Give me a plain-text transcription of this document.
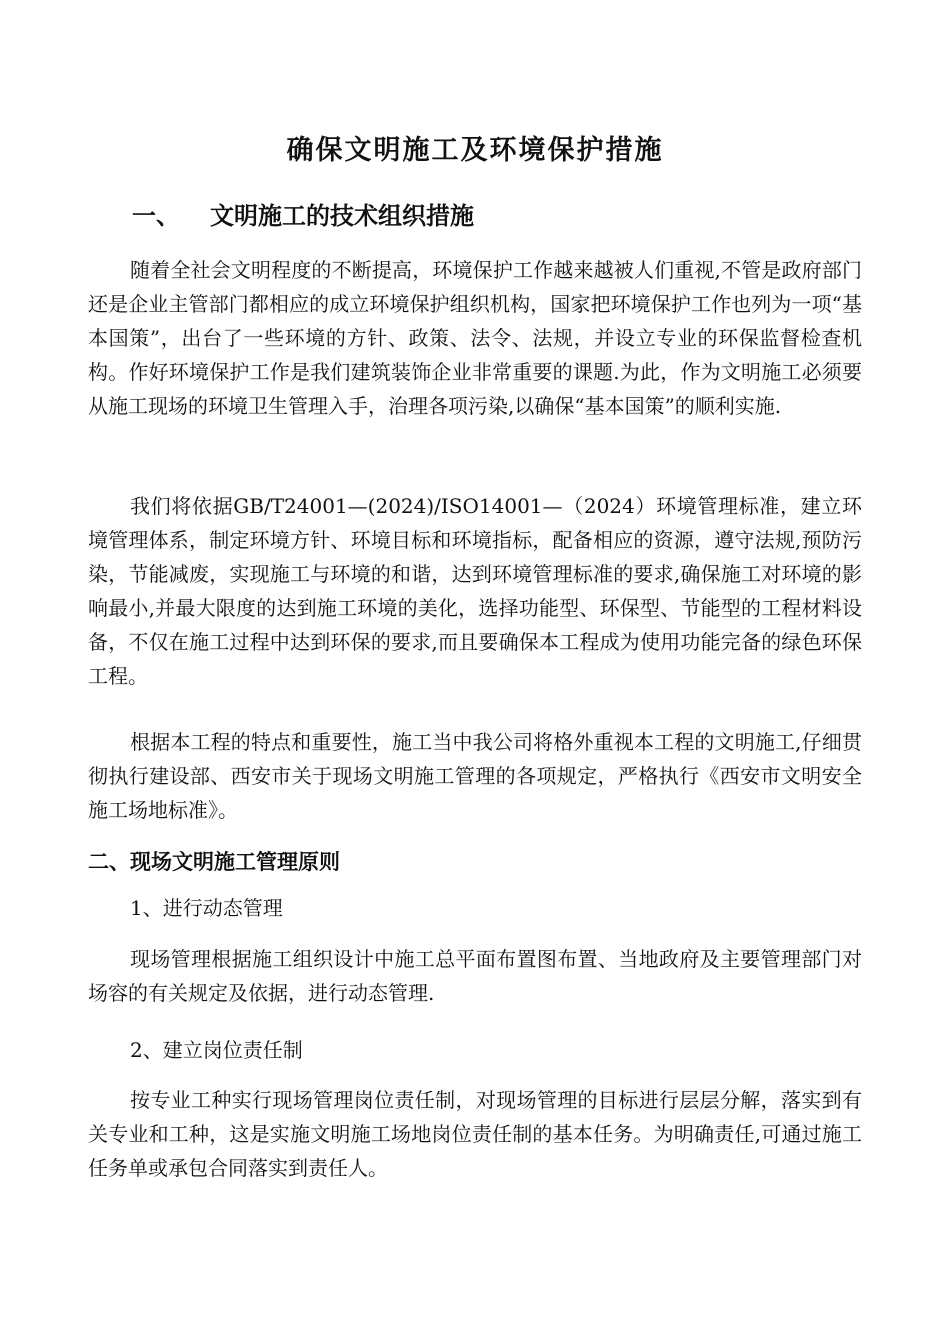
确保文明施工及环境保护措施
一、 文明施工的技术组织措施

随着全社会文明程度的不断提高，环境保护工作越来越被人们重视,不管是政府部门还是企业主管部门都相应的成立环境保护组织机构，国家把环境保护工作也列为一项“基本国策”，出台了一些环境的方针、政策、法令、法规，并设立专业的环保监督检查机构。作好环境保护工作是我们建筑装饰企业非常重要的课题.为此，作为文明施工必须要从施工现场的环境卫生管理入手，治理各项污染,以确保“基本国策”的顺利实施.

我们将依据GB/T24001—(2024)/ISO14001—（2024）环境管理标准，建立环境管理体系，制定环境方针、环境目标和环境指标，配备相应的资源，遵守法规,预防污染，节能减废，实现施工与环境的和谐，达到环境管理标准的要求,确保施工对环境的影响最小,并最大限度的达到施工环境的美化，选择功能型、环保型、节能型的工程材料设备，不仅在施工过程中达到环保的要求,而且要确保本工程成为使用功能完备的绿色环保工程。

根据本工程的特点和重要性，施工当中我公司将格外重视本工程的文明施工,仔细贯彻执行建设部、西安市关于现场文明施工管理的各项规定，严格执行《西安市文明安全施工场地标准》。

二、现场文明施工管理原则
1、进行动态管理

现场管理根据施工组织设计中施工总平面布置图布置、当地政府及主要管理部门对场容的有关规定及依据，进行动态管理.

2、建立岗位责任制

按专业工种实行现场管理岗位责任制，对现场管理的目标进行层层分解，落实到有关专业和工种，这是实施文明施工场地岗位责任制的基本任务。为明确责任,可通过施工任务单或承包合同落实到责任人。
